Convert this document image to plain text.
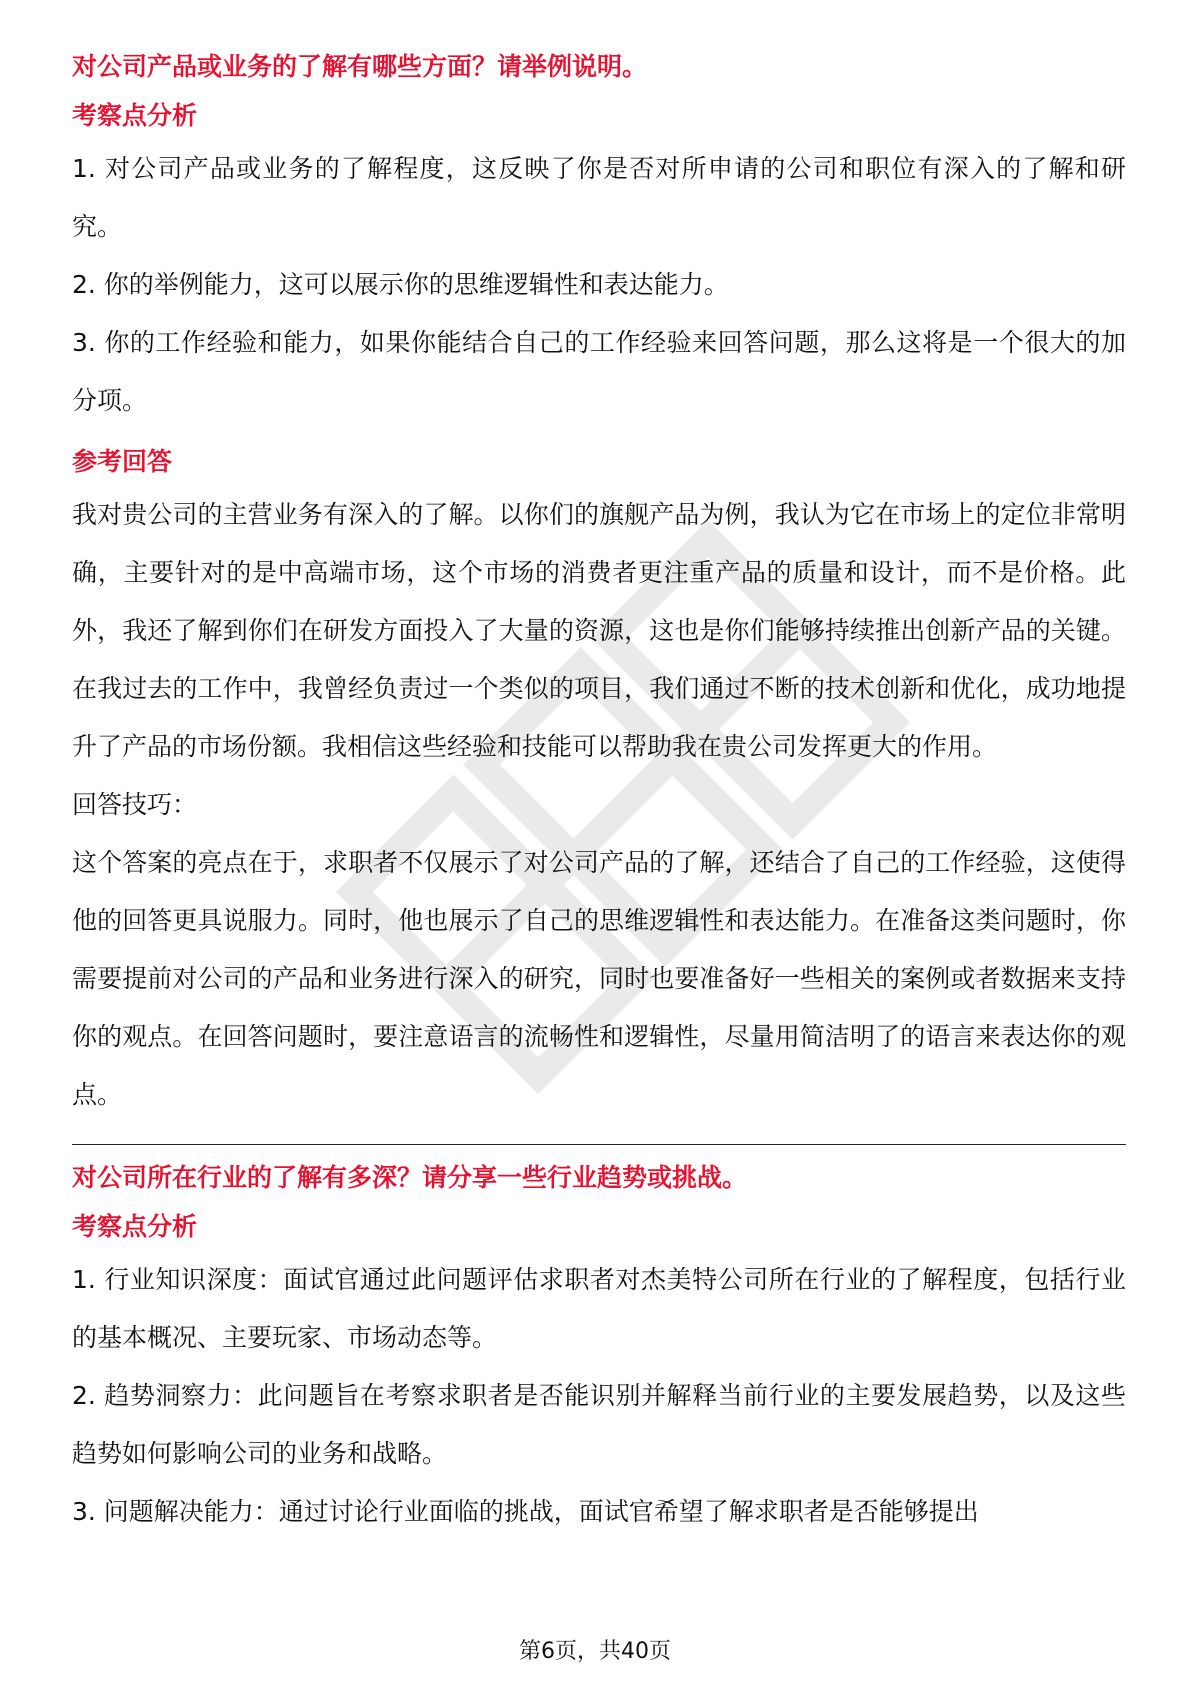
对公司产品或业务的了解有哪些方面？请举例说明。
考察点分析

1. 对公司产品或业务的了解程度，这反映了你是否对所申请的公司和职位有深入的了解和研究。

2. 你的举例能力，这可以展示你的思维逻辑性和表达能力。

3. 你的工作经验和能力，如果你能结合自己的工作经验来回答问题，那么这将是一个很大的加分项。

参考回答

我对贵公司的主营业务有深入的了解。以你们的旗舰产品为例，我认为它在市场上的定位非常明确，主要针对的是中高端市场，这个市场的消费者更注重产品的质量和设计，而不是价格。此外，我还了解到你们在研发方面投入了大量的资源，这也是你们能够持续推出创新产品的关键。在我过去的工作中，我曾经负责过一个类似的项目，我们通过不断的技术创新和优化，成功地提升了产品的市场份额。我相信这些经验和技能可以帮助我在贵公司发挥更大的作用。

回答技巧：

这个答案的亮点在于，求职者不仅展示了对公司产品的了解，还结合了自己的工作经验，这使得他的回答更具说服力。同时，他也展示了自己的思维逻辑性和表达能力。在准备这类问题时，你需要提前对公司的产品和业务进行深入的研究，同时也要准备好一些相关的案例或者数据来支持你的观点。在回答问题时，要注意语言的流畅性和逻辑性，尽量用简洁明了的语言来表达你的观点。

对公司所在行业的了解有多深？请分享一些行业趋势或挑战。
考察点分析

1. 行业知识深度：面试官通过此问题评估求职者对杰美特公司所在行业的了解程度，包括行业的基本概况、主要玩家、市场动态等。

2. 趋势洞察力：此问题旨在考察求职者是否能识别并解释当前行业的主要发展趋势，以及这些趋势如何影响公司的业务和战略。

3. 问题解决能力：通过讨论行业面临的挑战，面试官希望了解求职者是否能够提出

第6页，共40页
